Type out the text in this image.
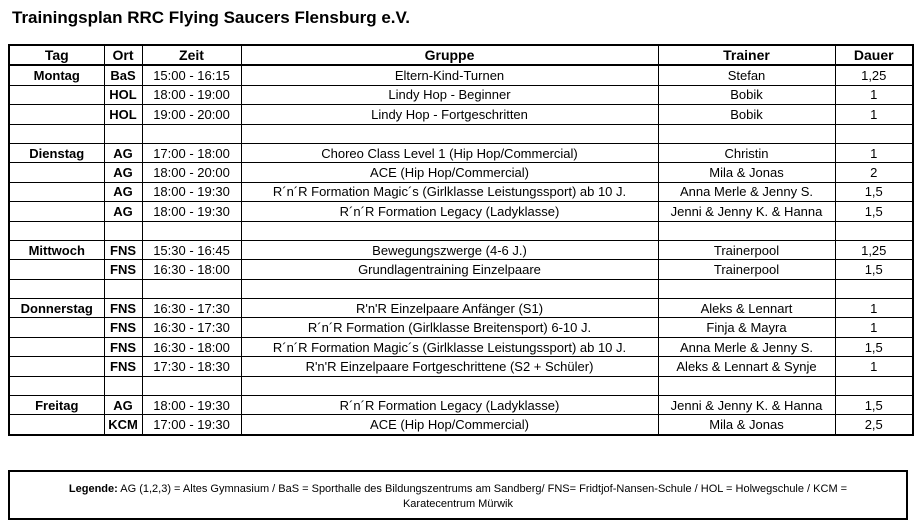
Trainingsplan RRC Flying Saucers Flensburg e.V.
Tag	Ort	Zeit	Gruppe	Trainer	Dauer
Montag	BaS	15:00 - 16:15	Eltern-Kind-Turnen	Stefan	1,25
	HOL	18:00 - 19:00	Lindy Hop - Beginner	Bobik	1
	HOL	19:00 - 20:00	Lindy Hop - Fortgeschritten	Bobik	1

Dienstag	AG	17:00 - 18:00	Choreo Class Level 1 (Hip Hop/Commercial)	Christin	1
	AG	18:00 - 20:00	ACE (Hip Hop/Commercial)	Mila & Jonas	2
	AG	18:00 - 19:30	R´n´R Formation Magic´s (Girlklasse Leistungssport) ab 10 J.	Anna Merle & Jenny S.	1,5
	AG	18:00 - 19:30	R´n´R Formation Legacy (Ladyklasse)	Jenni & Jenny K. & Hanna	1,5

Mittwoch	FNS	15:30 - 16:45	Bewegungszwerge (4-6 J.)	Trainerpool	1,25
	FNS	16:30 - 18:00	Grundlagentraining Einzelpaare	Trainerpool	1,5

Donnerstag	FNS	16:30 - 17:30	R'n'R Einzelpaare Anfänger (S1)	Aleks & Lennart	1
	FNS	16:30 - 17:30	R´n´R Formation (Girlklasse Breitensport) 6-10 J.	Finja & Mayra	1
	FNS	16:30 - 18:00	R´n´R Formation Magic´s (Girlklasse Leistungssport) ab 10 J.	Anna Merle & Jenny S.	1,5
	FNS	17:30 - 18:30	R'n'R Einzelpaare Fortgeschrittene (S2 + Schüler)	Aleks & Lennart & Synje	1

Freitag	AG	18:00 - 19:30	R´n´R Formation Legacy (Ladyklasse)	Jenni & Jenny K. & Hanna	1,5
	KCM	17:00 - 19:30	ACE (Hip Hop/Commercial)	Mila & Jonas	2,5
Legende: AG (1,2,3) = Altes Gymnasium / BaS = Sporthalle des Bildungszentrums am Sandberg/ FNS= Fridtjof-Nansen-Schule / HOL = Holwegschule / KCM =
Karatecentrum Mürwik
